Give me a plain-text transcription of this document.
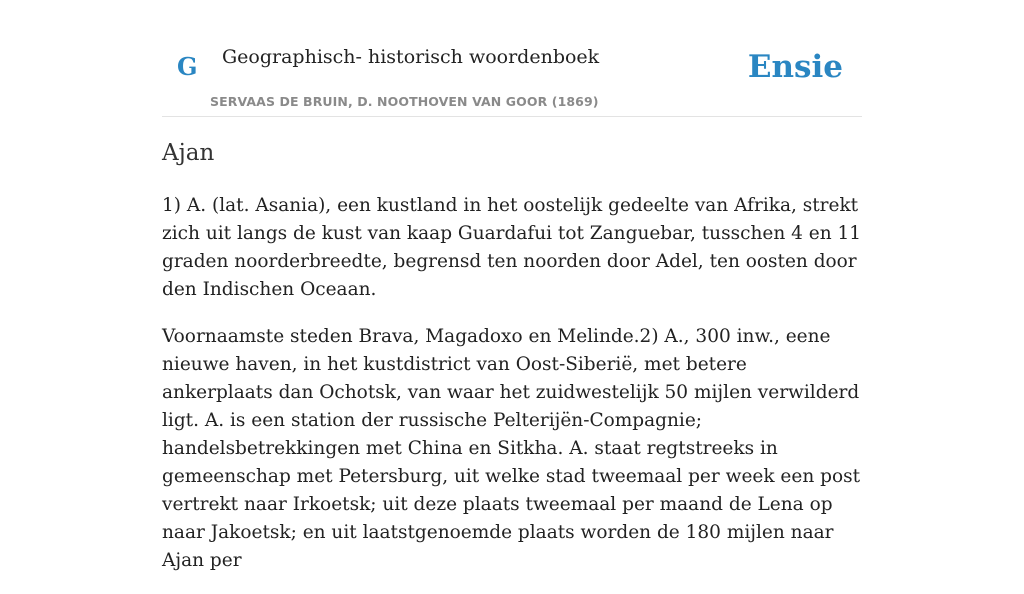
G Geographisch- historisch woordenboek
SERVAAS DE BRUIN, D. NOOTHOVEN VAN GOOR (1869)
Ensie
Ajan

1) A. (lat. Asania), een kustland in het oostelijk gedeelte van Afrika, strekt zich uit langs de kust van kaap Guardafui tot Zanguebar, tusschen 4 en 11 graden noorderbreedte, begrensd ten noorden door Adel, ten oosten door den Indischen Oceaan.

Voornaamste steden Brava, Magadoxo en Melinde.2) A., 300 inw., eene nieuwe haven, in het kustdistrict van Oost-Siberië, met betere ankerplaats dan Ochotsk, van waar het zuidwestelijk 50 mijlen verwilderd ligt. A. is een station der russische Pelterijën-Compagnie; handelsbetrekkingen met China en Sitkha. A. staat regtstreeks in gemeenschap met Petersburg, uit welke stad tweemaal per week een post vertrekt naar Irkoetsk; uit deze plaats tweemaal per maand de Lena op naar Jakoetsk; en uit laatstgenoemde plaats worden de 180 mijlen naar Ajan per
